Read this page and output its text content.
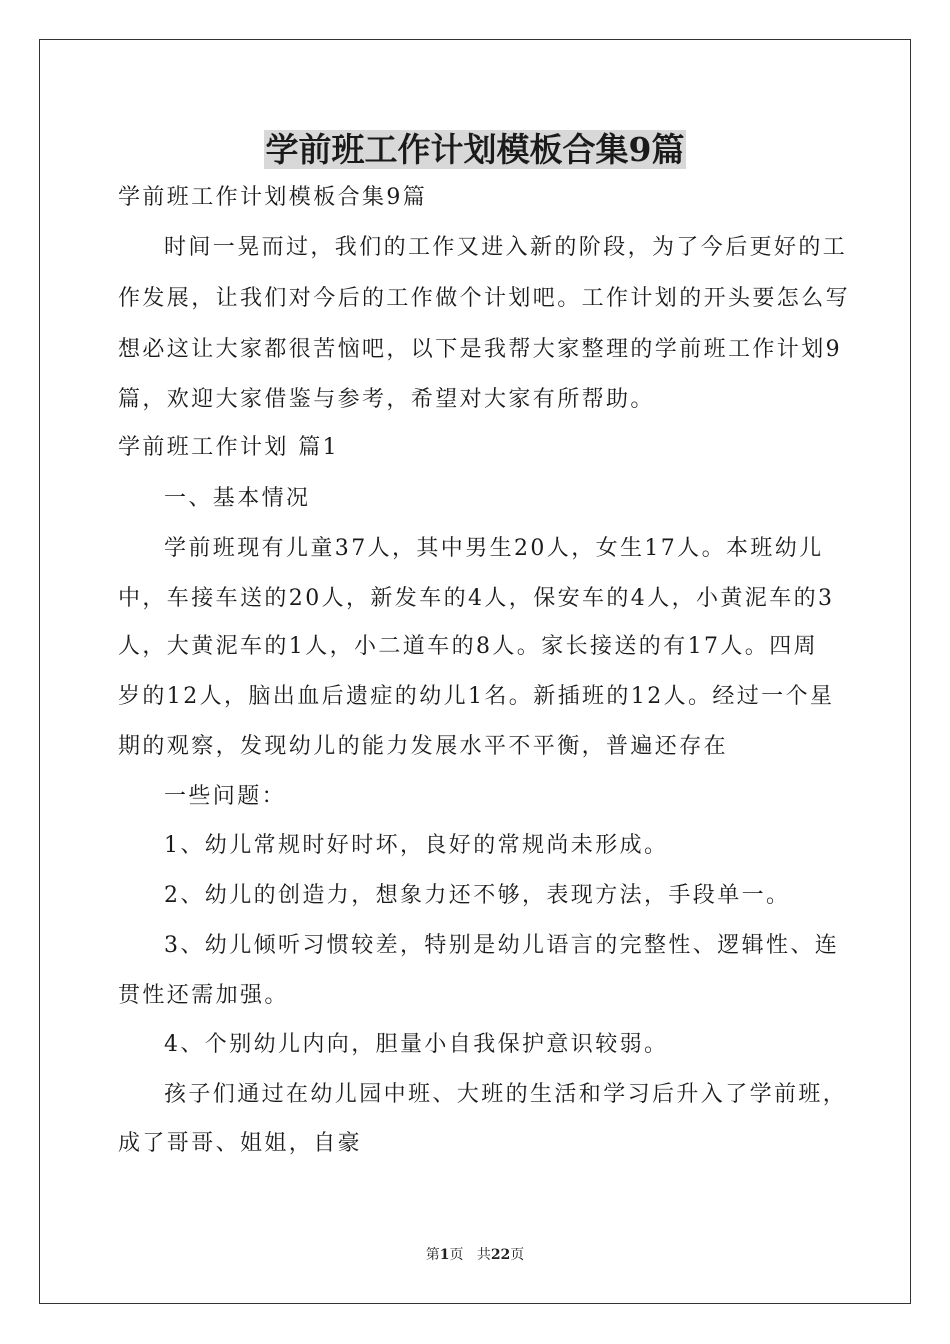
学前班工作计划模板合集9篇
学前班工作计划模板合集9篇
时间一晃而过，我们的工作又进入新的阶段，为了今后更好的工
作发展，让我们对今后的工作做个计划吧。工作计划的开头要怎么写
想必这让大家都很苦恼吧，以下是我帮大家整理的学前班工作计划9
篇，欢迎大家借鉴与参考，希望对大家有所帮助。
学前班工作计划 篇1
一、基本情况
学前班现有儿童37人，其中男生20人，女生17人。本班幼儿
中，车接车送的20人，新发车的4人，保安车的4人，小黄泥车的3
人，大黄泥车的1人，小二道车的8人。家长接送的有17人。四周
岁的12人，脑出血后遗症的幼儿1名。新插班的12人。经过一个星
期的观察，发现幼儿的能力发展水平不平衡，普遍还存在
一些问题：
1、幼儿常规时好时坏，良好的常规尚未形成。
2、幼儿的创造力，想象力还不够，表现方法，手段单一。
3、幼儿倾听习惯较差，特别是幼儿语言的完整性、逻辑性、连
贯性还需加强。
4、个别幼儿内向，胆量小自我保护意识较弱。
孩子们通过在幼儿园中班、大班的生活和学习后升入了学前班，
成了哥哥、姐姐，自豪
第1页 共22页
